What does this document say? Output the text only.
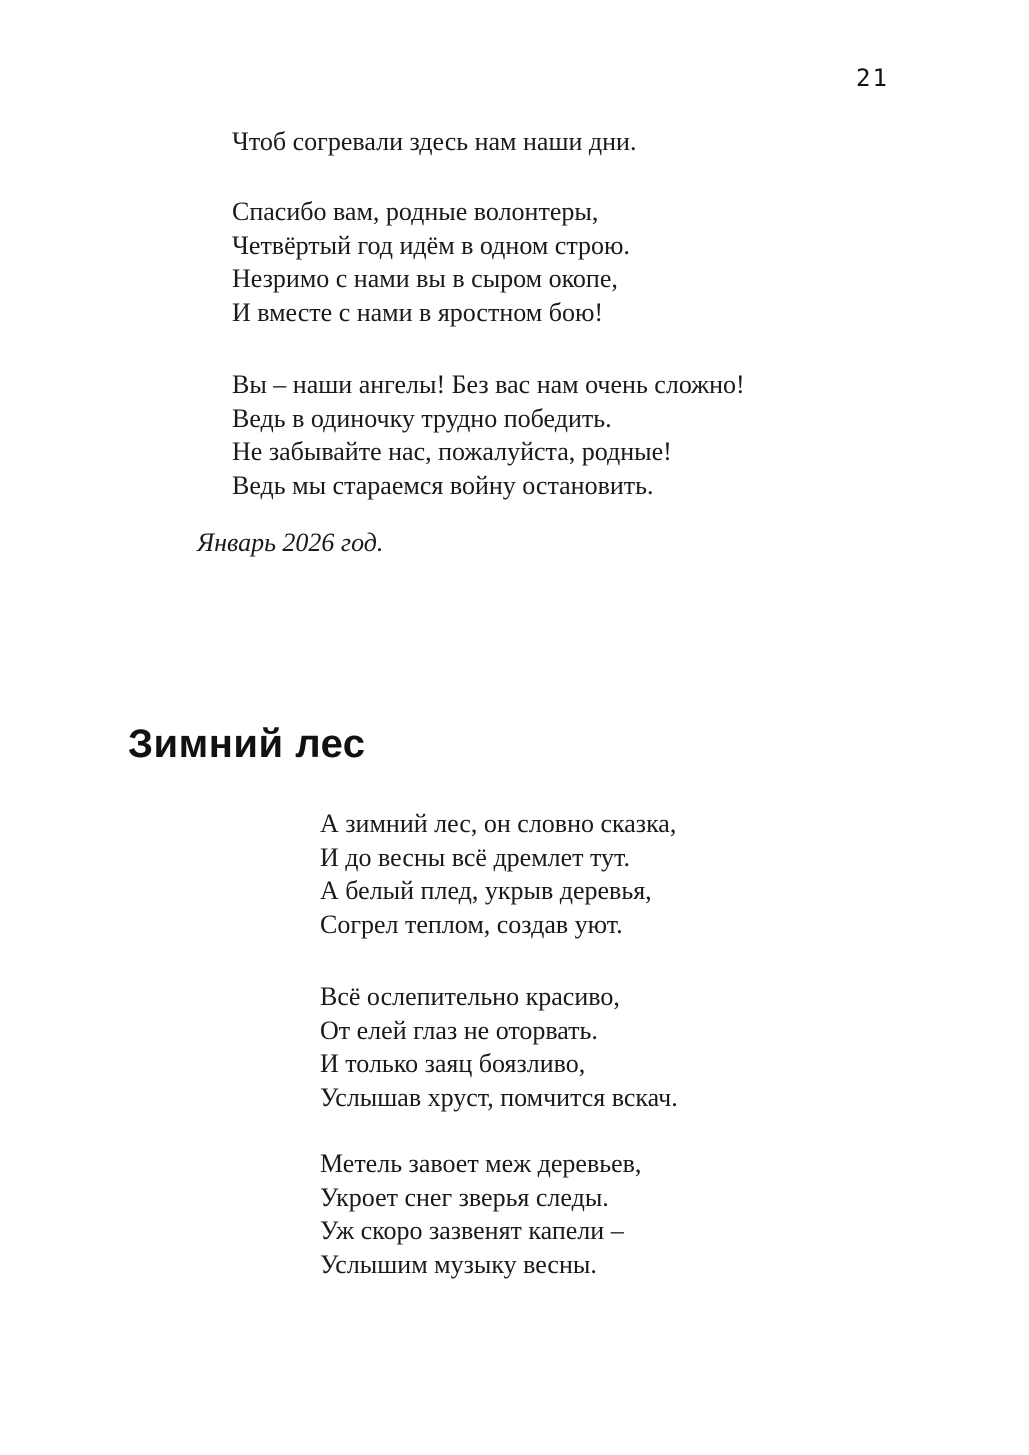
21
Чтоб согревали здесь нам наши дни.
Спасибо вам, родные волонтеры,
Четвёртый год идём в одном строю.
Незримо с нами вы в сыром окопе,
И вместе с нами в яростном бою!
Вы – наши ангелы! Без вас нам очень сложно!
Ведь в одиночку трудно победить.
Не забывайте нас, пожалуйста, родные!
Ведь мы стараемся войну остановить.
Январь 2026 год.
Зимний лес
А зимний лес, он словно сказка,
И до весны всё дремлет тут.
А белый плед, укрыв деревья,
Согрел теплом, создав уют.
Всё ослепительно красиво,
От елей глаз не оторвать.
И только заяц боязливо,
Услышав хруст, помчится вскач.
Метель завоет меж деревьев,
Укроет снег зверья следы.
Уж скоро зазвенят капели –
Услышим музыку весны.
